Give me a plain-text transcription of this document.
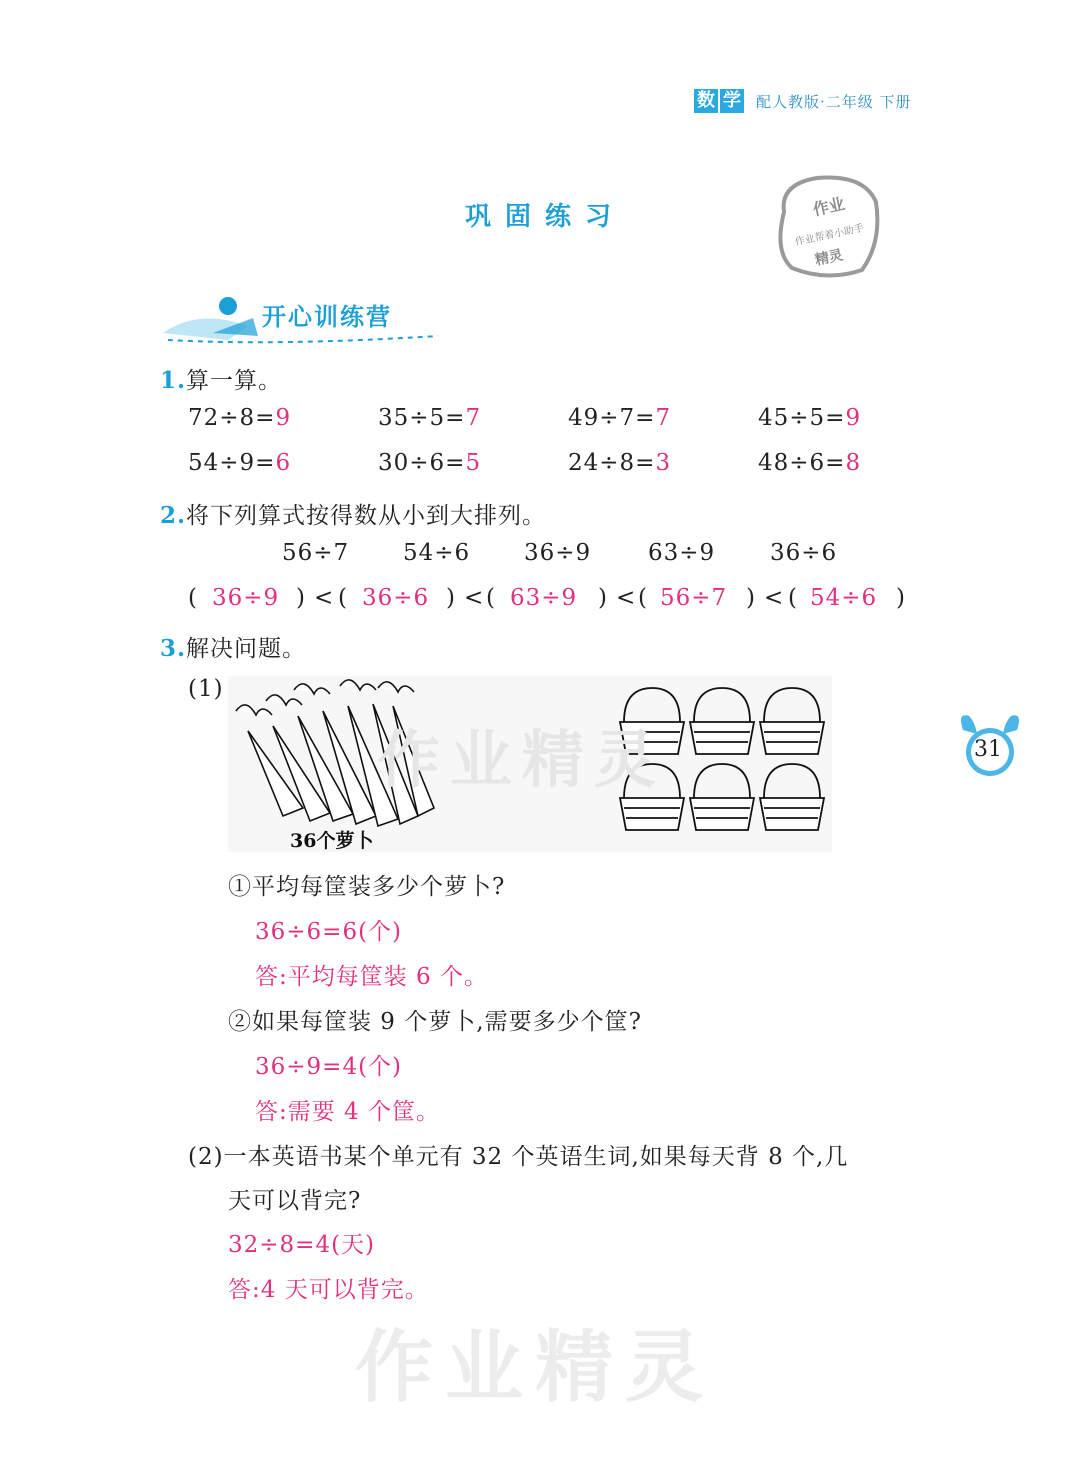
数 学 配人教版·二年级 下册
巩固练习	作业
作业帮着小助手
精灵
开心训练营
1.算一算。
72÷8=9	35÷5=7	49÷7=7	45÷5=9
54÷9=6	30÷6=5	24÷8=3	48÷6=8
2.将下列算式按得数从小到大排列。
56÷7 54÷6 36÷9 63÷9 36÷6
( 36÷9 ) < ( 36÷6 ) < ( 63÷9 ) < ( 56÷7 ) < ( 54÷6 )
3.解决问题。
(1)
36个萝卜
作业精灵	31
①平均每筐装多少个萝卜?
36÷6=6(个)
答:平均每筐装 6 个。
②如果每筐装 9 个萝卜,需要多少个筐?
36÷9=4(个)
答:需要 4 个筐。
(2)一本英语书某个单元有 32 个英语生词,如果每天背 8 个,几
天可以背完?
32÷8=4(天)
答:4 天可以背完。
作业精灵
